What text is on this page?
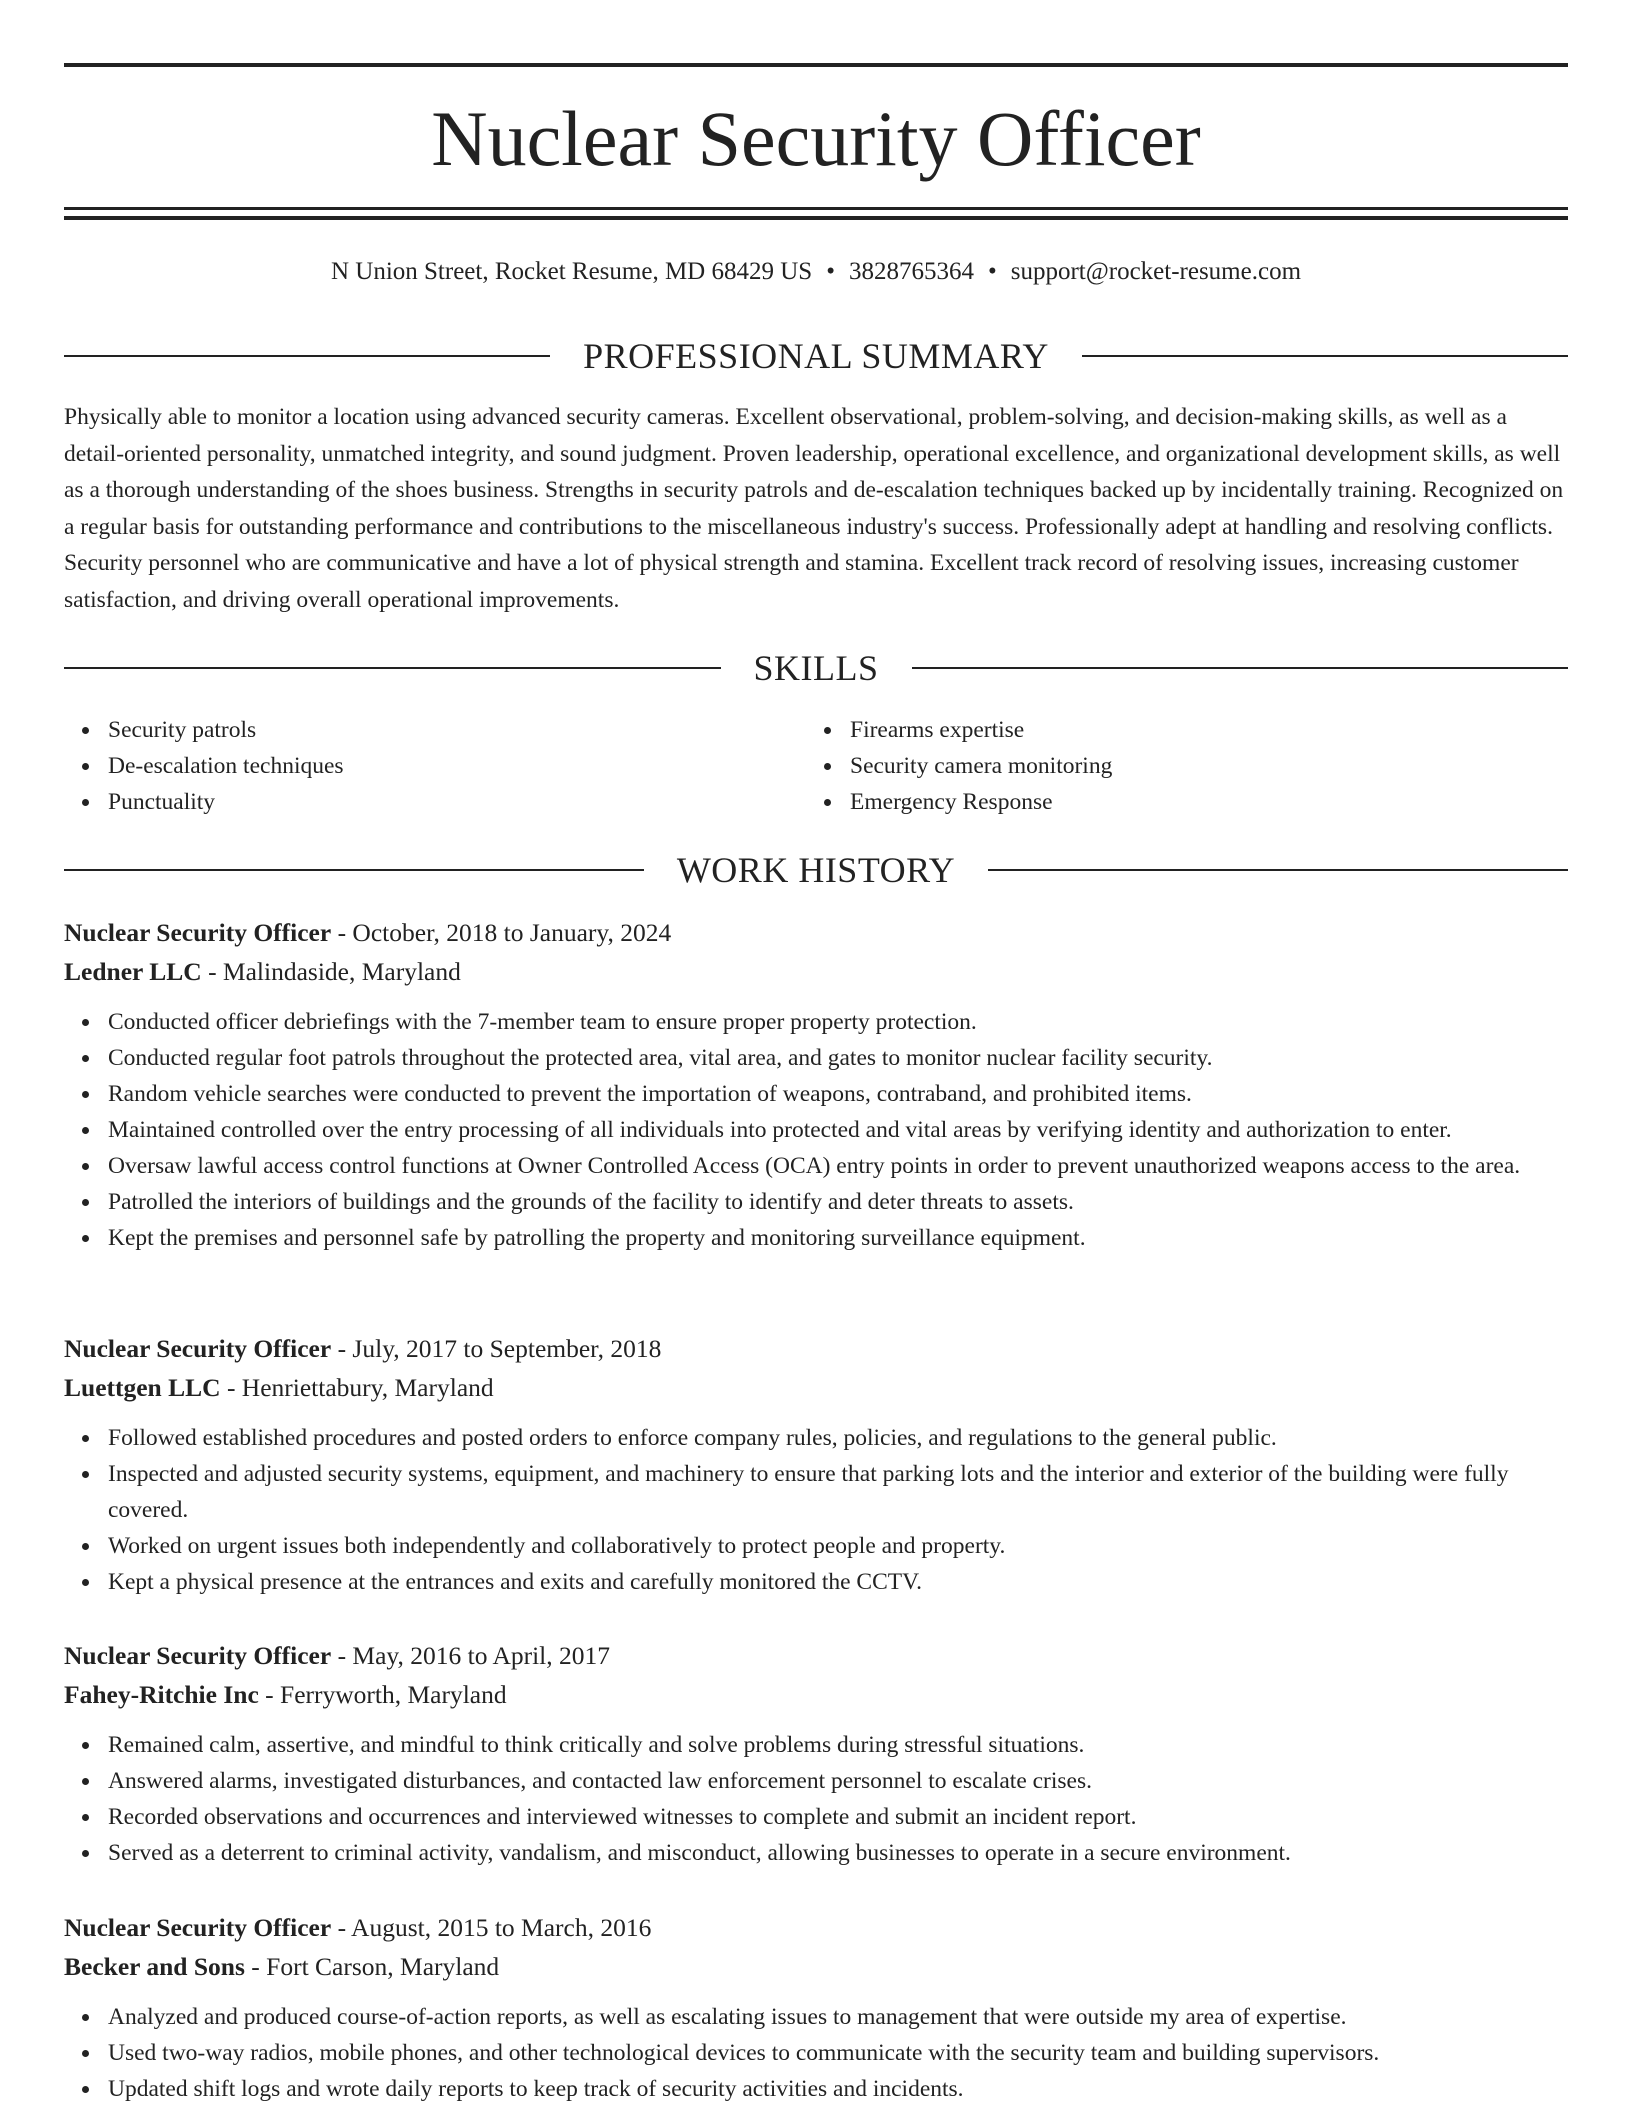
Nuclear Security Officer
N Union Street, Rocket Resume, MD 68429 US • 3828765364 • support@rocket-resume.com
PROFESSIONAL SUMMARY

Physically able to monitor a location using advanced security cameras. Excellent observational, problem-solving, and decision-making skills, as well as a detail-oriented personality, unmatched integrity, and sound judgment. Proven leadership, operational excellence, and organizational development skills, as well as a thorough understanding of the shoes business. Strengths in security patrols and de-escalation techniques backed up by incidentally training. Recognized on a regular basis for outstanding performance and contributions to the miscellaneous industry's success. Professionally adept at handling and resolving conflicts. Security personnel who are communicative and have a lot of physical strength and stamina. Excellent track record of resolving issues, increasing customer satisfaction, and driving overall operational improvements.

SKILLS
Security patrols
De-escalation techniques
Punctuality
Firearms expertise
Security camera monitoring
Emergency Response
WORK HISTORY
Nuclear Security Officer - October, 2018 to January, 2024
Ledner LLC - Malindaside, Maryland
Conducted officer debriefings with the 7-member team to ensure proper property protection.
Conducted regular foot patrols throughout the protected area, vital area, and gates to monitor nuclear facility security.
Random vehicle searches were conducted to prevent the importation of weapons, contraband, and prohibited items.
Maintained controlled over the entry processing of all individuals into protected and vital areas by verifying identity and authorization to enter.
Oversaw lawful access control functions at Owner Controlled Access (OCA) entry points in order to prevent unauthorized weapons access to the area.
Patrolled the interiors of buildings and the grounds of the facility to identify and deter threats to assets.
Kept the premises and personnel safe by patrolling the property and monitoring surveillance equipment.
Nuclear Security Officer - July, 2017 to September, 2018
Luettgen LLC - Henriettabury, Maryland
Followed established procedures and posted orders to enforce company rules, policies, and regulations to the general public.
Inspected and adjusted security systems, equipment, and machinery to ensure that parking lots and the interior and exterior of the building were fully covered.
Worked on urgent issues both independently and collaboratively to protect people and property.
Kept a physical presence at the entrances and exits and carefully monitored the CCTV.
Nuclear Security Officer - May, 2016 to April, 2017
Fahey-Ritchie Inc - Ferryworth, Maryland
Remained calm, assertive, and mindful to think critically and solve problems during stressful situations.
Answered alarms, investigated disturbances, and contacted law enforcement personnel to escalate crises.
Recorded observations and occurrences and interviewed witnesses to complete and submit an incident report.
Served as a deterrent to criminal activity, vandalism, and misconduct, allowing businesses to operate in a secure environment.
Nuclear Security Officer - August, 2015 to March, 2016
Becker and Sons - Fort Carson, Maryland
Analyzed and produced course-of-action reports, as well as escalating issues to management that were outside my area of expertise.
Used two-way radios, mobile phones, and other technological devices to communicate with the security team and building supervisors.
Updated shift logs and wrote daily reports to keep track of security activities and incidents.
